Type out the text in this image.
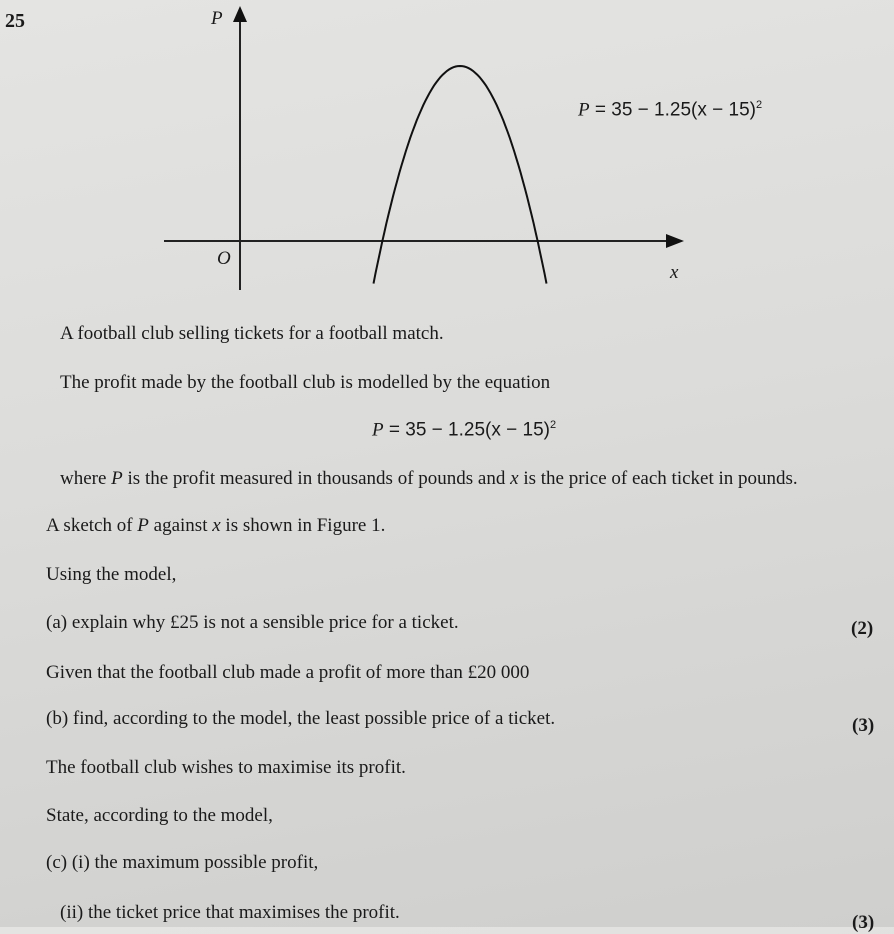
25	P
O
x
$P = 35 - 1.25(x - 15)^2$
A football club selling tickets for a football match.
The profit made by the football club is modelled by the equation
$P = 35 - 1.25(x - 15)^2$
where P is the profit measured in thousands of pounds and x is the price of each ticket in pounds.
A sketch of P against x is shown in Figure 1.
Using the model,
(a) explain why £25 is not a sensible price for a ticket.	(2)
Given that the football club made a profit of more than £20 000
(b) find, according to the model, the least possible price of a ticket.	(3)
The football club wishes to maximise its profit.
State, according to the model,
(c) (i) the maximum possible profit,
(ii) the ticket price that maximises the profit.	(3)
